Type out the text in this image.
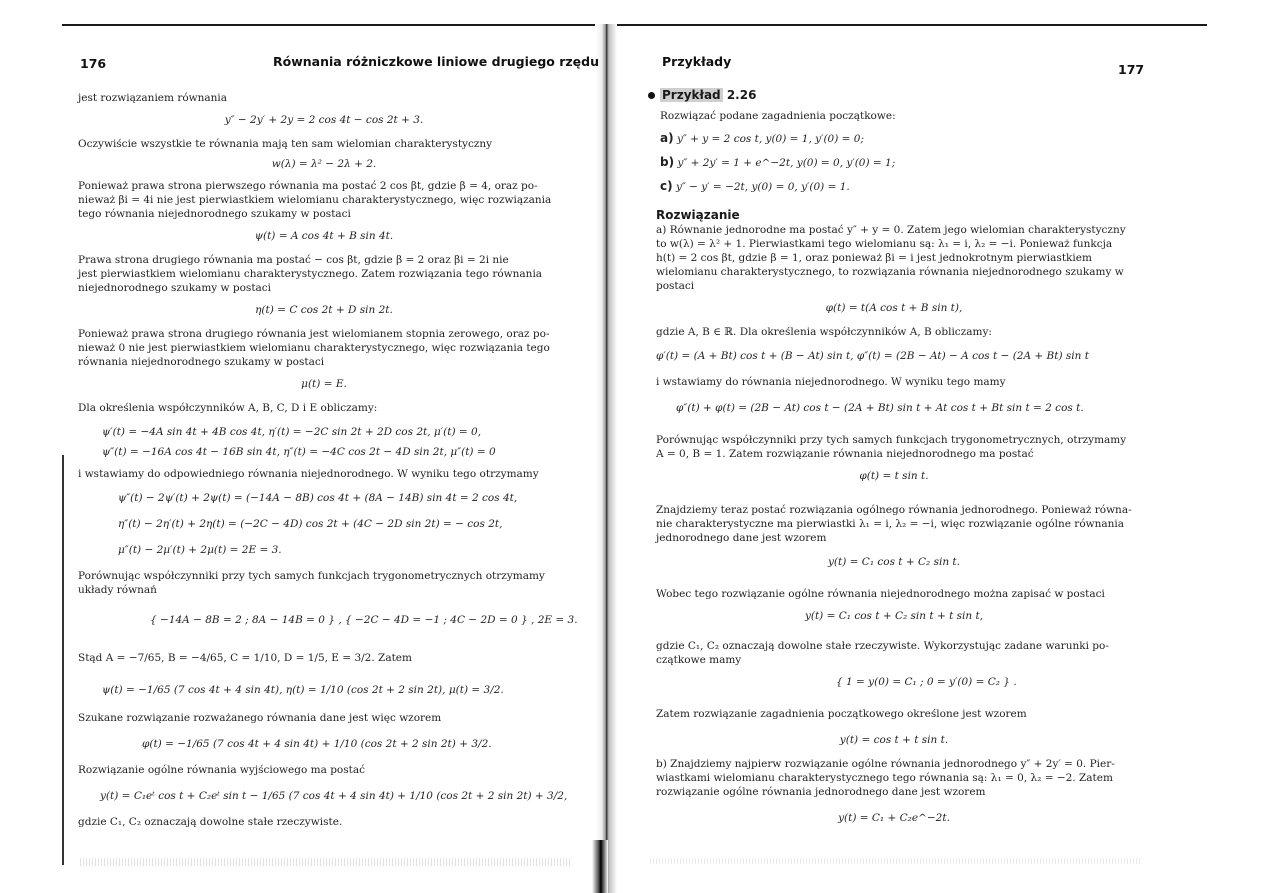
176	Równania różniczkowe liniowe drugiego rzędu
jest rozwiązaniem równania
y″ − 2y′ + 2y = 2 cos 4t − cos 2t + 3.
Oczywiście wszystkie te równania mają ten sam wielomian charakterystyczny
w(λ) = λ² − 2λ + 2.
Ponieważ prawa strona pierwszego równania ma postać 2 cos βt, gdzie β = 4, oraz po-
nieważ βi = 4i nie jest pierwiastkiem wielomianu charakterystycznego, więc rozwiązania
tego równania niejednorodnego szukamy w postaci
ψ(t) = A cos 4t + B sin 4t.
Prawa strona drugiego równania ma postać − cos βt, gdzie β = 2 oraz βi = 2i nie
jest pierwiastkiem wielomianu charakterystycznego. Zatem rozwiązania tego równania
niejednorodnego szukamy w postaci
η(t) = C cos 2t + D sin 2t.
Ponieważ prawa strona drugiego równania jest wielomianem stopnia zerowego, oraz po-
nieważ 0 nie jest pierwiastkiem wielomianu charakterystycznego, więc rozwiązania tego
równania niejednorodnego szukamy w postaci
μ(t) = E.
Dla określenia współczynników A, B, C, D i E obliczamy:
ψ′(t) = −4A sin 4t + 4B cos 4t, η′(t) = −2C sin 2t + 2D cos 2t, μ′(t) = 0,
ψ″(t) = −16A cos 4t − 16B sin 4t, η″(t) = −4C cos 2t − 4D sin 2t, μ″(t) = 0
i wstawiamy do odpowiedniego równania niejednorodnego. W wyniku tego otrzymamy
ψ″(t) − 2ψ′(t) + 2ψ(t) = (−14A − 8B) cos 4t + (8A − 14B) sin 4t = 2 cos 4t,
η″(t) − 2η′(t) + 2η(t) = (−2C − 4D) cos 2t + (4C − 2D sin 2t) = − cos 2t,
μ″(t) − 2μ′(t) + 2μ(t) = 2E = 3.
Porównując współczynniki przy tych samych funkcjach trygonometrycznych otrzymamy
układy równań
{ −14A − 8B = 2 ; 8A − 14B = 0 } , { −2C − 4D = −1 ; 4C − 2D = 0 } , 2E = 3.
Stąd A = −7/65, B = −4/65, C = 1/10, D = 1/5, E = 3/2. Zatem
ψ(t) = −1/65 (7 cos 4t + 4 sin 4t), η(t) = 1/10 (cos 2t + 2 sin 2t), μ(t) = 3/2.
Szukane rozwiązanie rozważanego równania dane jest więc wzorem
φ(t) = −1/65 (7 cos 4t + 4 sin 4t) + 1/10 (cos 2t + 2 sin 2t) + 3/2.
Rozwiązanie ogólne równania wyjściowego ma postać
y(t) = C₁eᵗ cos t + C₂eᵗ sin t − 1/65 (7 cos 4t + 4 sin 4t) + 1/10 (cos 2t + 2 sin 2t) + 3/2,
gdzie C₁, C₂ oznaczają dowolne stałe rzeczywiste.
Przykłady
177
Przykład 2.26
Rozwiązać podane zagadnienia początkowe:
a) y″ + y = 2 cos t, y(0) = 1, y′(0) = 0;
b) y″ + 2y′ = 1 + e^−2t, y(0) = 0, y′(0) = 1;
c) y″ − y′ = −2t, y(0) = 0, y′(0) = 1.
Rozwiązanie
a) Równanie jednorodne ma postać y″ + y = 0. Zatem jego wielomian charakterystyczny
to w(λ) = λ² + 1. Pierwiastkami tego wielomianu są: λ₁ = i, λ₂ = −i. Ponieważ funkcja
h(t) = 2 cos βt, gdzie β = 1, oraz ponieważ βi = i jest jednokrotnym pierwiastkiem
wielomianu charakterystycznego, to rozwiązania równania niejednorodnego szukamy w
postaci
φ(t) = t(A cos t + B sin t),
gdzie A, B ∈ ℝ. Dla określenia współczynników A, B obliczamy:
φ′(t) = (A + Bt) cos t + (B − At) sin t, φ″(t) = (2B − At) − A cos t − (2A + Bt) sin t
i wstawiamy do równania niejednorodnego. W wyniku tego mamy
φ″(t) + φ(t) = (2B − At) cos t − (2A + Bt) sin t + At cos t + Bt sin t = 2 cos t.
Porównując współczynniki przy tych samych funkcjach trygonometrycznych, otrzymamy
A = 0, B = 1. Zatem rozwiązanie równania niejednorodnego ma postać
φ(t) = t sin t.
Znajdziemy teraz postać rozwiązania ogólnego równania jednorodnego. Ponieważ równa-
nie charakterystyczne ma pierwiastki λ₁ = i, λ₂ = −i, więc rozwiązanie ogólne równania
jednorodnego dane jest wzorem
y(t) = C₁ cos t + C₂ sin t.
Wobec tego rozwiązanie ogólne równania niejednorodnego można zapisać w postaci
y(t) = C₁ cos t + C₂ sin t + t sin t,
gdzie C₁, C₂ oznaczają dowolne stałe rzeczywiste. Wykorzystując zadane warunki po-
czątkowe mamy
{ 1 = y(0) = C₁ ; 0 = y′(0) = C₂ } .
Zatem rozwiązanie zagadnienia początkowego określone jest wzorem
y(t) = cos t + t sin t.
b) Znajdziemy najpierw rozwiązanie ogólne równania jednorodnego y″ + 2y′ = 0. Pier-
wiastkami wielomianu charakterystycznego tego równania są: λ₁ = 0, λ₂ = −2. Zatem
rozwiązanie ogólne równania jednorodnego dane jest wzorem
y(t) = C₁ + C₂e^−2t.
